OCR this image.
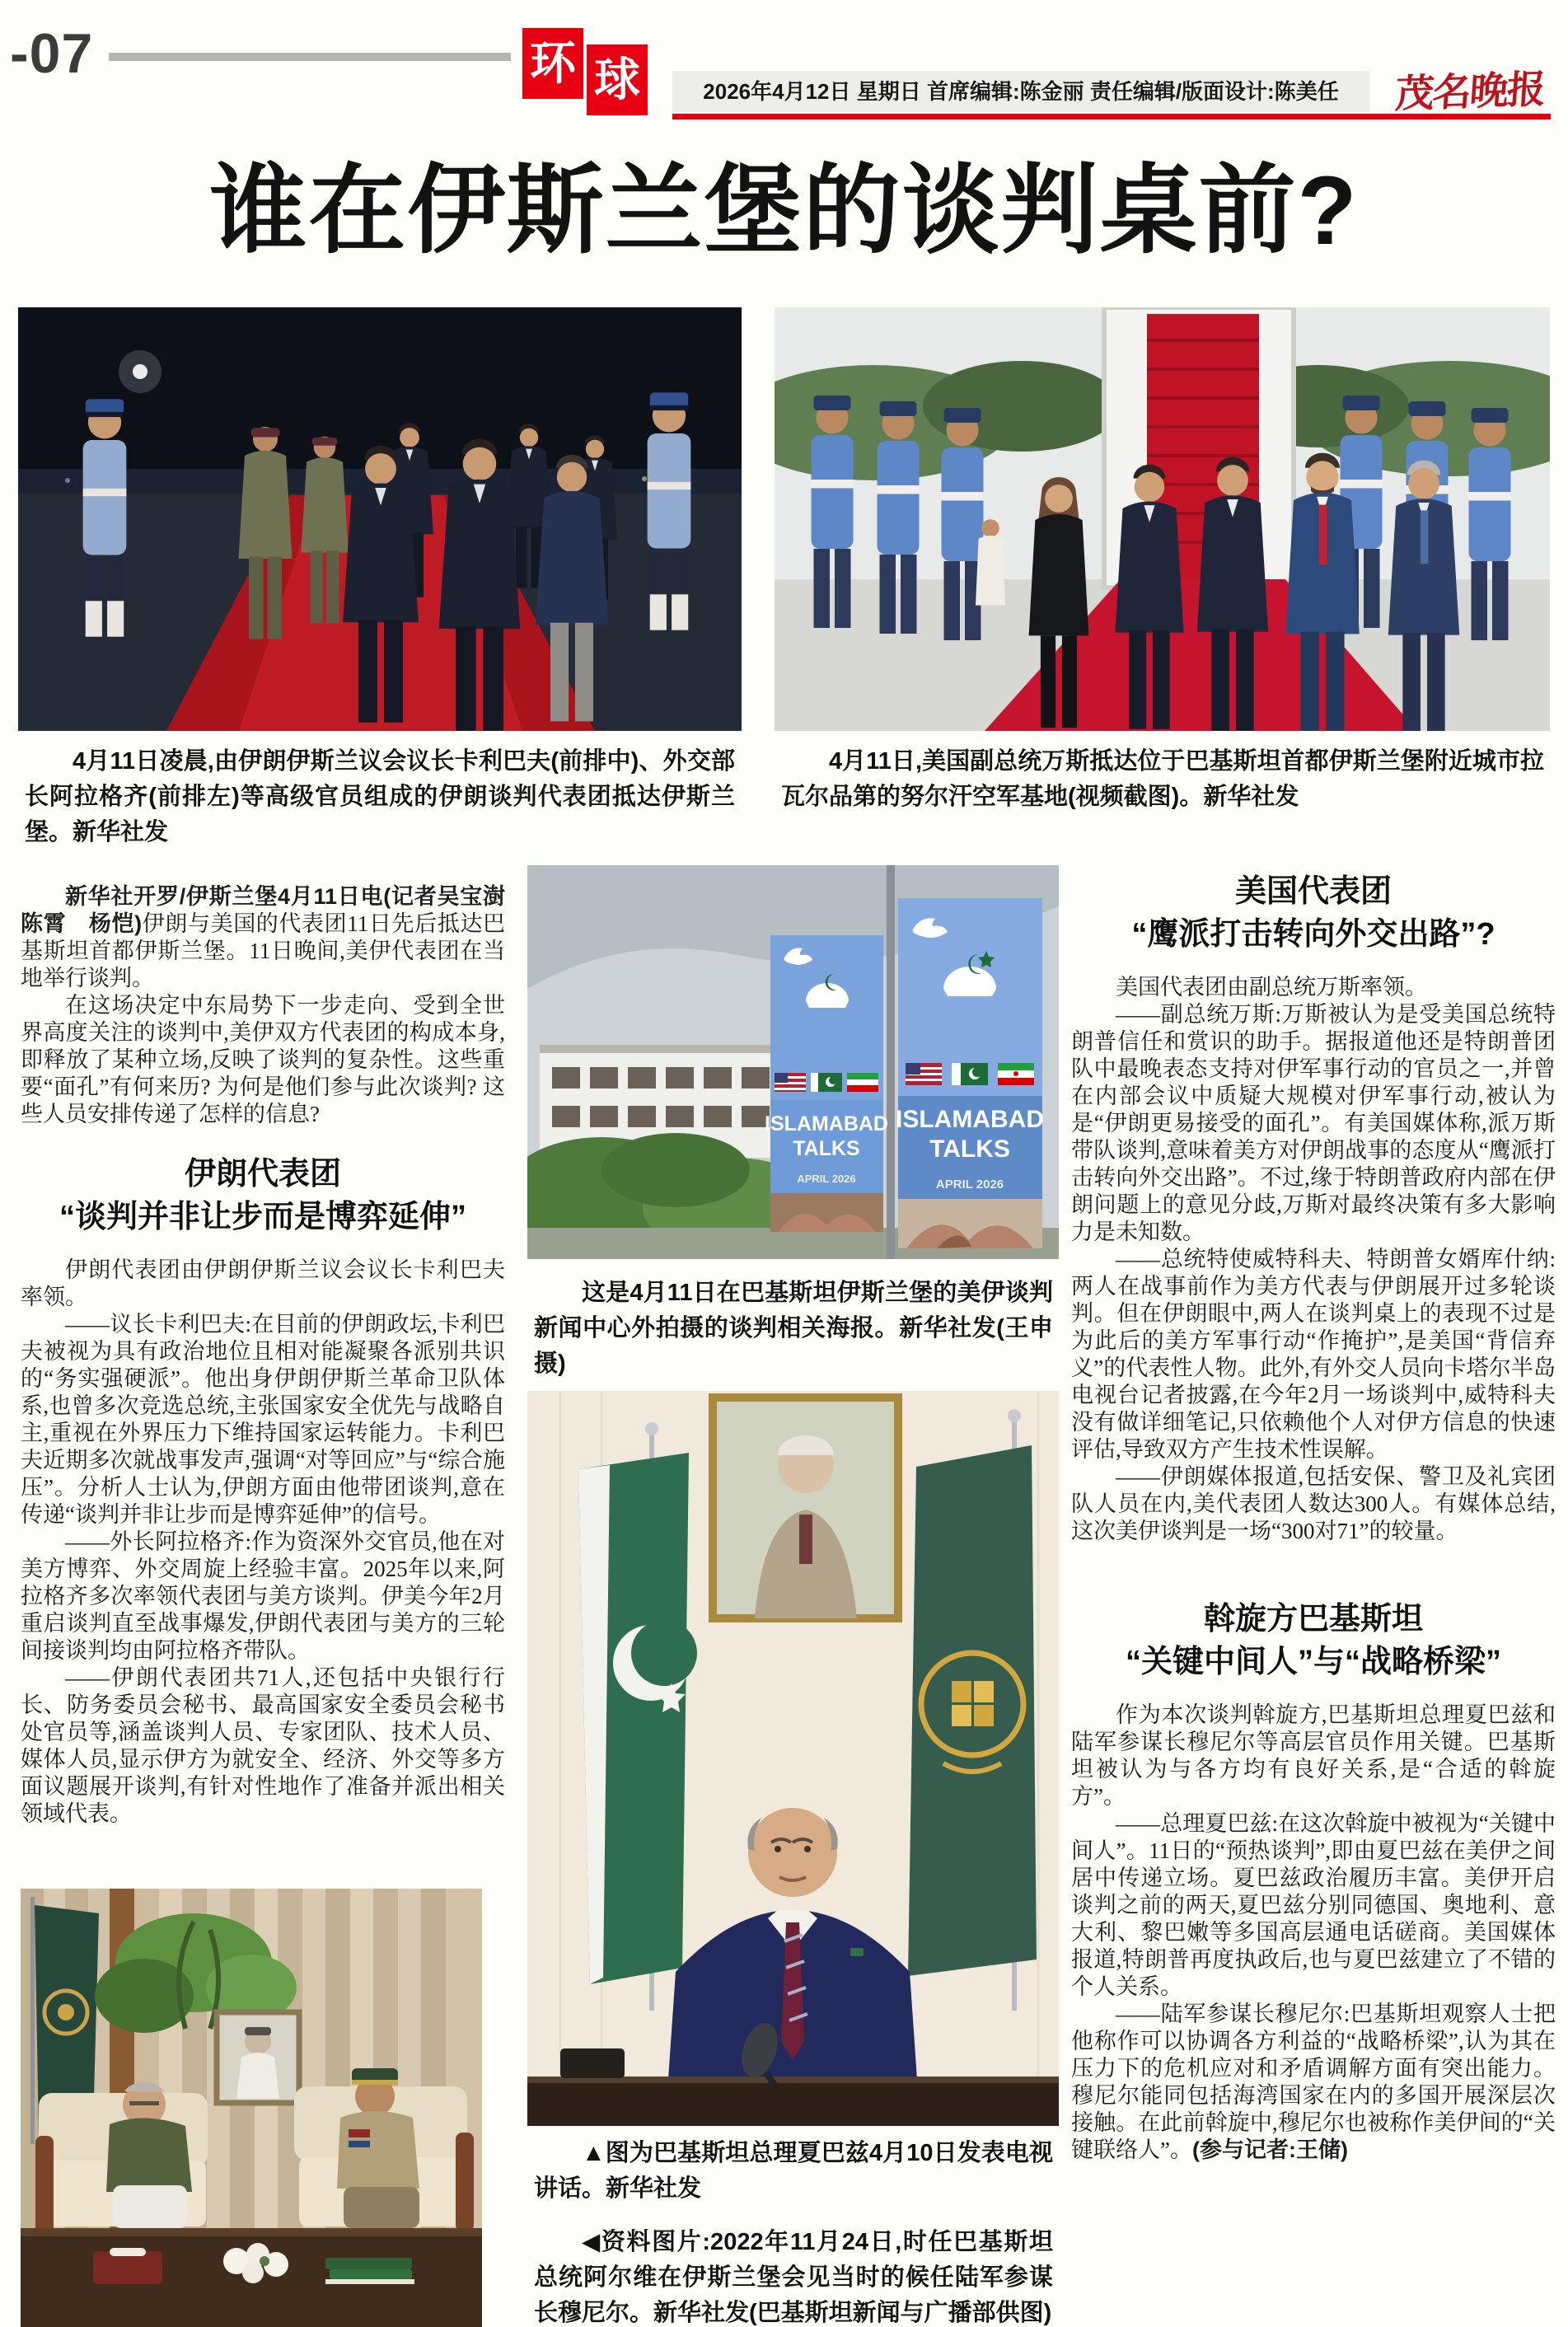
-07	环 球	2026年4月12日 星期日 首席编辑:陈金丽 责任编辑/版面设计:陈美任	茂名晚报
谁在伊斯兰堡的谈判桌前?
4月11日凌晨,由伊朗伊斯兰议会议长卡利巴夫(前排中)、外交部长阿拉格齐(前排左)等高级官员组成的伊朗谈判代表团抵达伊斯兰堡。新华社发
4月11日,美国副总统万斯抵达位于巴基斯坦首都伊斯兰堡附近城市拉瓦尔品第的努尔汗空军基地(视频截图)。新华社发

新华社开罗/伊斯兰堡4月11日电(记者吴宝澍　陈霄　杨恺)伊朗与美国的代表团11日先后抵达巴基斯坦首都伊斯兰堡。11日晚间,美伊代表团在当地举行谈判。

在这场决定中东局势下一步走向、受到全世界高度关注的谈判中,美伊双方代表团的构成本身,即释放了某种立场,反映了谈判的复杂性。这些重要“面孔”有何来历? 为何是他们参与此次谈判? 这些人员安排传递了怎样的信息?

伊朗代表团
“谈判并非让步而是博弈延伸”

伊朗代表团由伊朗伊斯兰议会议长卡利巴夫率领。

——议长卡利巴夫:在目前的伊朗政坛,卡利巴夫被视为具有政治地位且相对能凝聚各派别共识的“务实强硬派”。他出身伊朗伊斯兰革命卫队体系,也曾多次竞选总统,主张国家安全优先与战略自主,重视在外界压力下维持国家运转能力。卡利巴夫近期多次就战事发声,强调“对等回应”与“综合施压”。分析人士认为,伊朗方面由他带团谈判,意在传递“谈判并非让步而是博弈延伸”的信号。

——外长阿拉格齐:作为资深外交官员,他在对美方博弈、外交周旋上经验丰富。2025年以来,阿拉格齐多次率领代表团与美方谈判。伊美今年2月重启谈判直至战事爆发,伊朗代表团与美方的三轮间接谈判均由阿拉格齐带队。

——伊朗代表团共71人,还包括中央银行行长、防务委员会秘书、最高国家安全委员会秘书处官员等,涵盖谈判人员、专家团队、技术人员、媒体人员,显示伊方为就安全、经济、外交等多方面议题展开谈判,有针对性地作了准备并派出相关领域代表。

ISLAMABAD
TALKS
APRIL 2026
ISLAMABAD
TALKS
APRIL 2026
这是4月11日在巴基斯坦伊斯兰堡的美伊谈判新闻中心外拍摄的谈判相关海报。新华社发(王申摄)
▲图为巴基斯坦总理夏巴兹4月10日发表电视讲话。新华社发
◀资料图片:2022年11月24日,时任巴基斯坦总统阿尔维在伊斯兰堡会见当时的候任陆军参谋长穆尼尔。新华社发(巴基斯坦新闻与广播部供图)
美国代表团
“鹰派打击转向外交出路”?

美国代表团由副总统万斯率领。

——副总统万斯:万斯被认为是受美国总统特朗普信任和赏识的助手。据报道他还是特朗普团队中最晚表态支持对伊军事行动的官员之一,并曾在内部会议中质疑大规模对伊军事行动,被认为是“伊朗更易接受的面孔”。有美国媒体称,派万斯带队谈判,意味着美方对伊朗战事的态度从“鹰派打击转向外交出路”。不过,缘于特朗普政府内部在伊朗问题上的意见分歧,万斯对最终决策有多大影响力是未知数。

——总统特使威特科夫、特朗普女婿库什纳:两人在战事前作为美方代表与伊朗展开过多轮谈判。但在伊朗眼中,两人在谈判桌上的表现不过是为此后的美方军事行动“作掩护”,是美国“背信弃义”的代表性人物。此外,有外交人员向卡塔尔半岛电视台记者披露,在今年2月一场谈判中,威特科夫没有做详细笔记,只依赖他个人对伊方信息的快速评估,导致双方产生技术性误解。

——伊朗媒体报道,包括安保、警卫及礼宾团队人员在内,美代表团人数达300人。有媒体总结,这次美伊谈判是一场“300对71”的较量。

斡旋方巴基斯坦
“关键中间人”与“战略桥梁”

作为本次谈判斡旋方,巴基斯坦总理夏巴兹和陆军参谋长穆尼尔等高层官员作用关键。巴基斯坦被认为与各方均有良好关系,是“合适的斡旋方”。

——总理夏巴兹:在这次斡旋中被视为“关键中间人”。11日的“预热谈判”,即由夏巴兹在美伊之间居中传递立场。夏巴兹政治履历丰富。美伊开启谈判之前的两天,夏巴兹分别同德国、奥地利、意大利、黎巴嫩等多国高层通电话磋商。美国媒体报道,特朗普再度执政后,也与夏巴兹建立了不错的个人关系。

——陆军参谋长穆尼尔:巴基斯坦观察人士把他称作可以协调各方利益的“战略桥梁”,认为其在压力下的危机应对和矛盾调解方面有突出能力。穆尼尔能同包括海湾国家在内的多国开展深层次接触。在此前斡旋中,穆尼尔也被称作美伊间的“关键联络人”。(参与记者:王储)
